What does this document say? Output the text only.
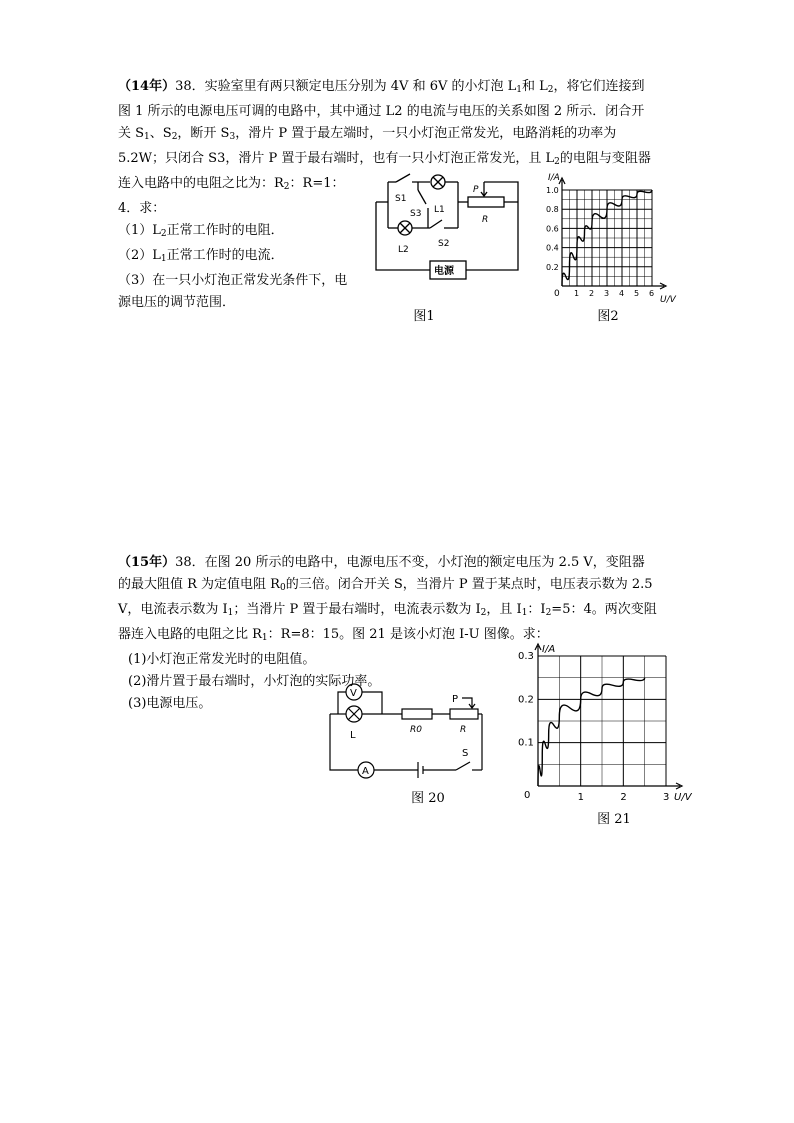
（14年）38．实验室里有两只额定电压分别为 4V 和 6V 的小灯泡 $L_1$和 $L_2$，将它们连接到
图 1 所示的电源电压可调的电路中，其中通过 L2 的电流与电压的关系如图 2 所示．闭合开
关 $S_1$、$S_2$，断开 $S_3$，滑片 P 置于最左端时，一只小灯泡正常发光，电路消耗的功率为
5.2W；只闭合 S3，滑片 P 置于最右端时，也有一只小灯泡正常发光，且 $L_2$的电阻与变阻器
连入电路中的电阻之比为：$R_2$：R=1：
4．求：
$(1)L_2$正常工作时的电阻．
$(2)L_1$正常工作时的电流．
（3）在一只小灯泡正常发光条件下，电
源电压的调节范围．
S1
S3 L1
P
R
L2
S2
电源
图1
1 2 3 4 5 6
0.2
0.4
0.6
0.8
1.0
I/A
U/V
0
图2
（15年）38．在图 20 所示的电路中，电源电压不变，小灯泡的额定电压为 2.5 V，变阻器
的最大阻值 R 为定值电阻 $R_0$的三倍。闭合开关 S，当滑片 P 置于某点时，电压表示数为 2.5
V，电流表示数为 $I_1$；当滑片 P 置于最右端时，电流表示数为 $I_2$，且 $I_1$：$I_2=5$：4。两次变阻
器连入电路的电阻之比 $R_1$：R=8：15。图 21 是该小灯泡 I-U 图像。求：
(1)小灯泡正常发光时的电阻值。
(2)滑片置于最右端时，小灯泡的实际功率。
(3)电源电压。
V
L	R0
P
R
A
S
图 20	1	2	3
0.1
0.2
0.3
I/A
U/V
0
图 21
